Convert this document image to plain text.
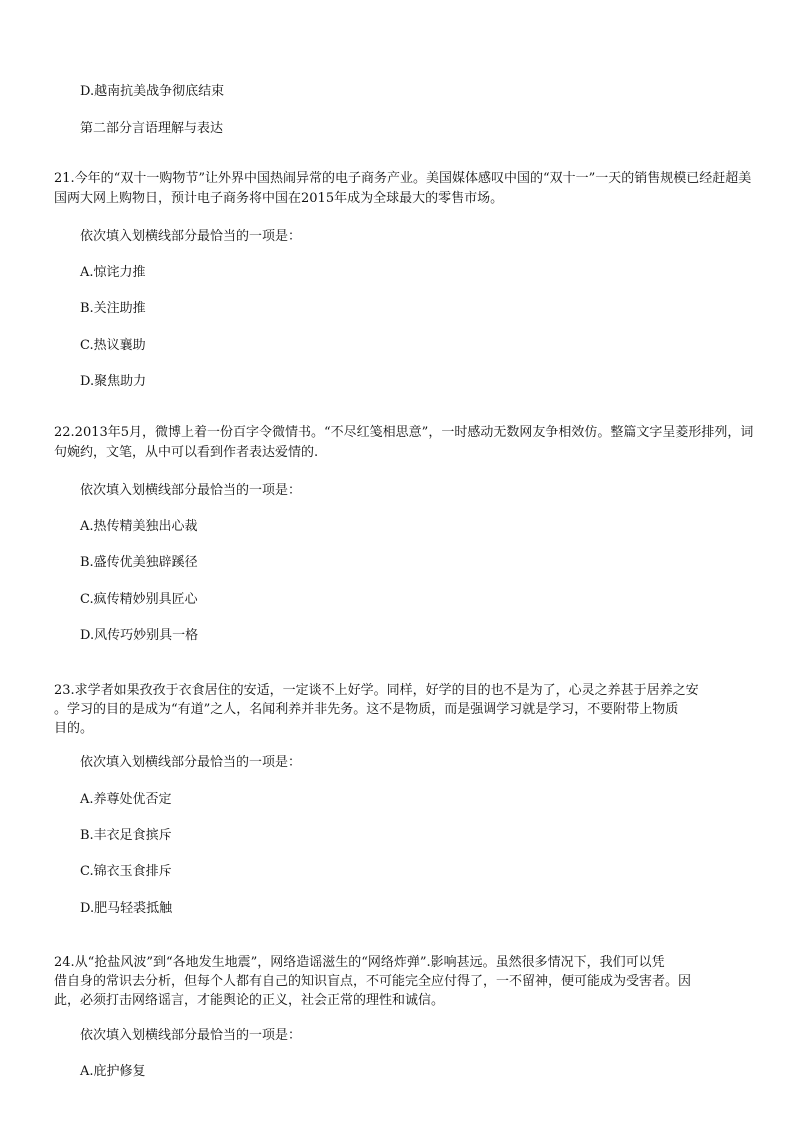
D.越南抗美战争彻底结束
第二部分言语理解与表达
21.今年的“双十一购物节”让外界中国热闹异常的电子商务产业。美国媒体感叹中国的“双十一”一天的销售规模已经赶超美国两大网上购物日，预计电子商务将中国在2015年成为全球最大的零售市场。
依次填入划横线部分最恰当的一项是：
A.惊诧力推
B.关注助推
C.热议襄助
D.聚焦助力
22.2013年5月，微博上着一份百字令微情书。“不尽红笺相思意”，一时感动无数网友争相效仿。整篇文字呈菱形排列，词句婉约，文笔，从中可以看到作者表达爱情的.
依次填入划横线部分最恰当的一项是：
A.热传精美独出心裁
B.盛传优美独辟蹊径
C.疯传精妙别具匠心
D.风传巧妙别具一格
23.求学者如果孜孜于衣食居住的安适，一定谈不上好学。同样，好学的目的也不是为了，心灵之养甚于居养之安
。学习的目的是成为“有道”之人，名闻利养并非先务。这不是物质，而是强调学习就是学习，不要附带上物质
目的。
依次填入划横线部分最恰当的一项是：
A.养尊处优否定
B.丰衣足食摈斥
C.锦衣玉食排斥
D.肥马轻裘抵触
24.从“抢盐风波”到“各地发生地震”，网络造谣滋生的“网络炸弹”.影响甚远。虽然很多情况下，我们可以凭
借自身的常识去分析，但每个人都有自己的知识盲点，不可能完全应付得了，一不留神，便可能成为受害者。因
此，必须打击网络谣言，才能舆论的正义，社会正常的理性和诚信。
依次填入划横线部分最恰当的一项是：
A.庇护修复
